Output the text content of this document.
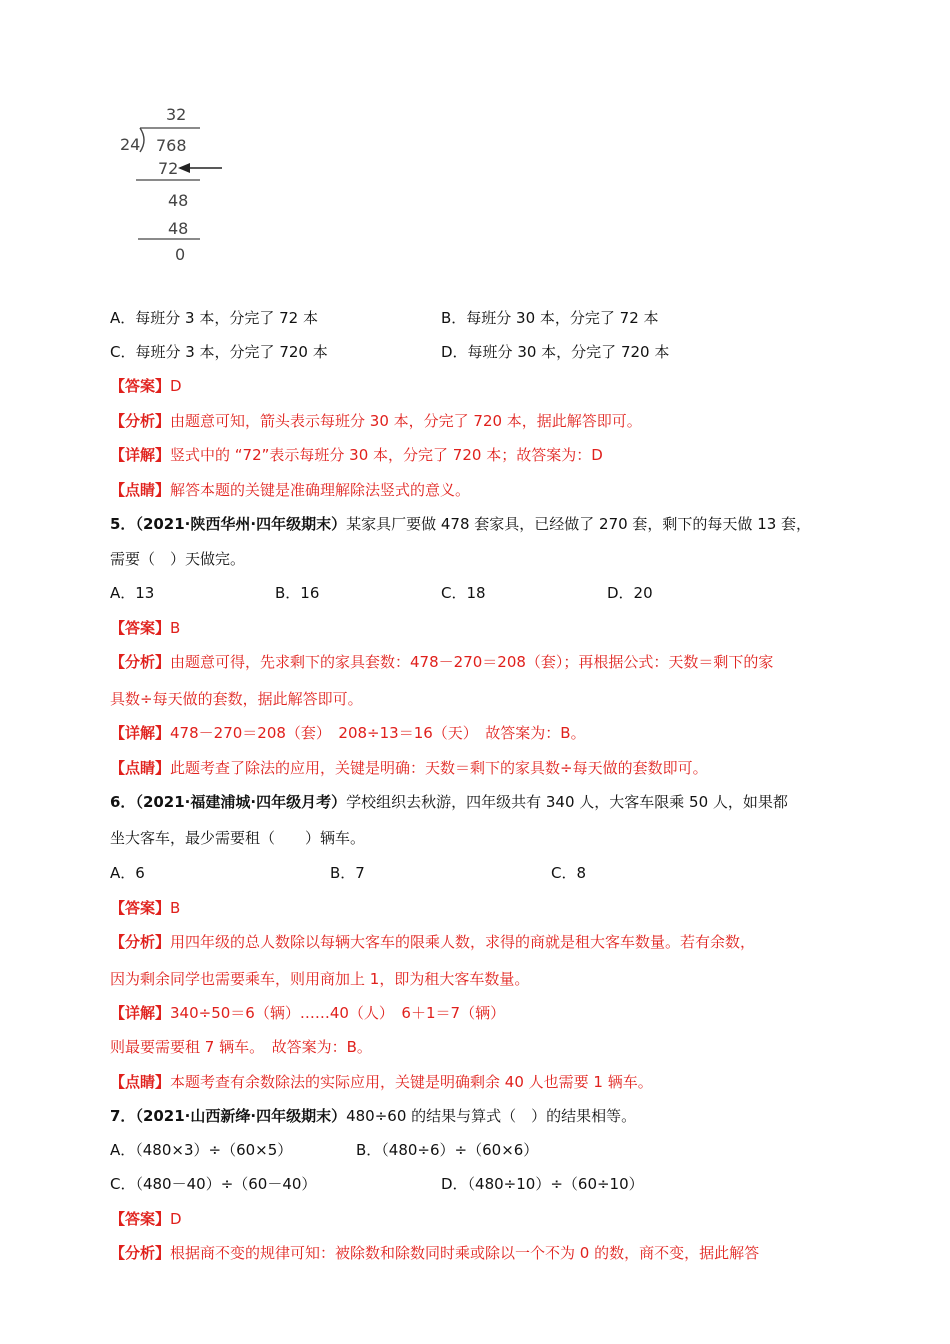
32
24 768
72
48
48
0
A．每班分 3 本，分完了 72 本	B．每班分 30 本，分完了 72 本
C．每班分 3 本，分完了 720 本	D．每班分 30 本，分完了 720 本
【答案】D
【分析】由题意可知，箭头表示每班分 30 本，分完了 720 本，据此解答即可。
【详解】竖式中的 “72”表示每班分 30 本，分完了 720 本；故答案为：D
【点睛】解答本题的关键是准确理解除法竖式的意义。
5．（2021·陕西华州·四年级期末）某家具厂要做 478 套家具，已经做了 270 套，剩下的每天做 13 套，
需要（　）天做完。
A．13	B．16	C．18	D．20
【答案】B
【分析】由题意可得，先求剩下的家具套数：478－270＝208（套）；再根据公式：天数＝剩下的家
具数÷每天做的套数，据此解答即可。
【详解】478－270＝208（套）　208÷13＝16（天）　故答案为：B。
【点睛】此题考查了除法的应用，关键是明确：天数＝剩下的家具数÷每天做的套数即可。
6．（2021·福建浦城·四年级月考）学校组织去秋游，四年级共有 340 人，大客车限乘 50 人，如果都
坐大客车，最少需要租（　　）辆车。
A．6	B．7	C．8
【答案】B
【分析】用四年级的总人数除以每辆大客车的限乘人数，求得的商就是租大客车数量。若有余数，
因为剩余同学也需要乘车，则用商加上 1，即为租大客车数量。
【详解】340÷50＝6（辆）……40（人）　6＋1＝7（辆）
则最要需要租 7 辆车。　故答案为：B。
【点睛】本题考查有余数除法的实际应用，关键是明确剩余 40 人也需要 1 辆车。
7．（2021·山西新绛·四年级期末）480÷60 的结果与算式（　）的结果相等。
A．（480×3）÷（60×5）	B．（480÷6）÷（60×6）
C．（480－40）÷（60－40）	D．（480÷10）÷（60÷10）
【答案】D
【分析】根据商不变的规律可知：被除数和除数同时乘或除以一个不为 0 的数，商不变，据此解答
